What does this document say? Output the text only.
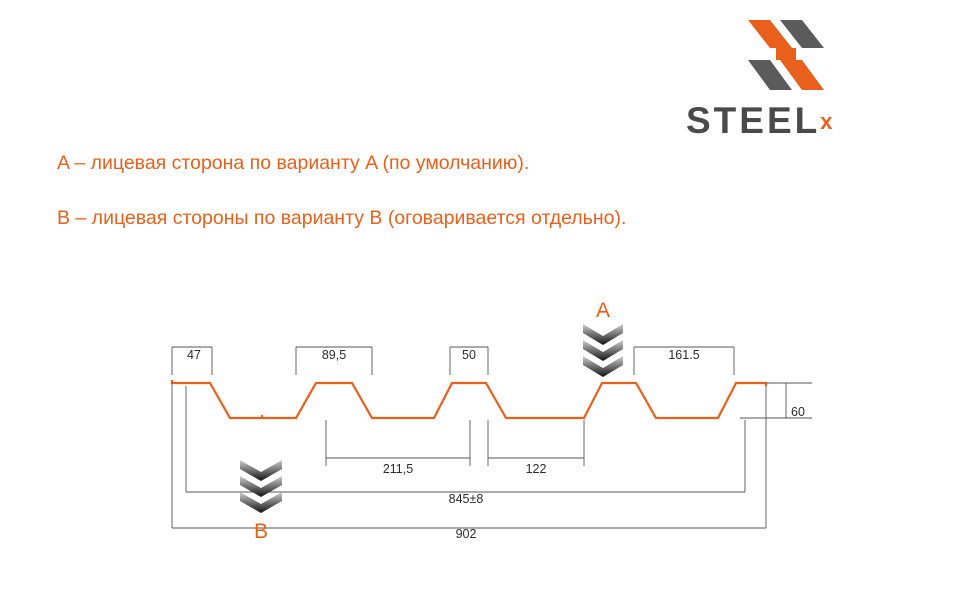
STEELx
A – лицевая сторона по варианту A (по умолчанию).
B – лицевая стороны по варианту B (оговаривается отдельно).
47	89,5	50	161.5
60
211,5	122
845±8
902
A
B
